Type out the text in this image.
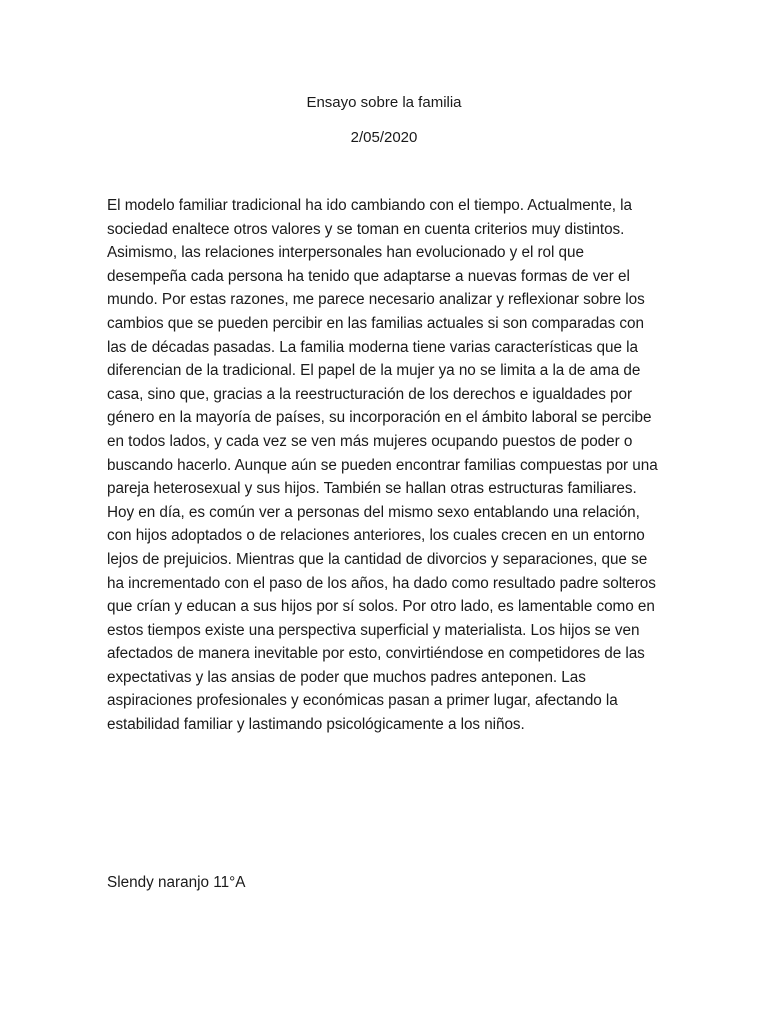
Ensayo sobre la familia
2/05/2020

El modelo familiar tradicional ha ido cambiando con el tiempo. Actualmente, la sociedad enaltece otros valores y se toman en cuenta criterios muy distintos. Asimismo, las relaciones interpersonales han evolucionado y el rol que desempeña cada persona ha tenido que adaptarse a nuevas formas de ver el mundo. Por estas razones, me parece necesario analizar y reflexionar sobre los cambios que se pueden percibir en las familias actuales si son comparadas con las de décadas pasadas. La familia moderna tiene varias características que la diferencian de la tradicional. El papel de la mujer ya no se limita a la de ama de casa, sino que, gracias a la reestructuración de los derechos e igualdades por género en la mayoría de países, su incorporación en el ámbito laboral se percibe en todos lados, y cada vez se ven más mujeres ocupando puestos de poder o buscando hacerlo. Aunque aún se pueden encontrar familias compuestas por una pareja heterosexual y sus hijos. También se hallan otras estructuras familiares. Hoy en día, es común ver a personas del mismo sexo entablando una relación, con hijos adoptados o de relaciones anteriores, los cuales crecen en un entorno lejos de prejuicios. Mientras que la cantidad de divorcios y separaciones, que se ha incrementado con el paso de los años, ha dado como resultado padre solteros que crían y educan a sus hijos por sí solos. Por otro lado, es lamentable como en estos tiempos existe una perspectiva superficial y materialista. Los hijos se ven afectados de manera inevitable por esto, convirtiéndose en competidores de las expectativas y las ansias de poder que muchos padres anteponen. Las aspiraciones profesionales y económicas pasan a primer lugar, afectando la estabilidad familiar y lastimando psicológicamente a los niños.

Slendy naranjo 11°A
